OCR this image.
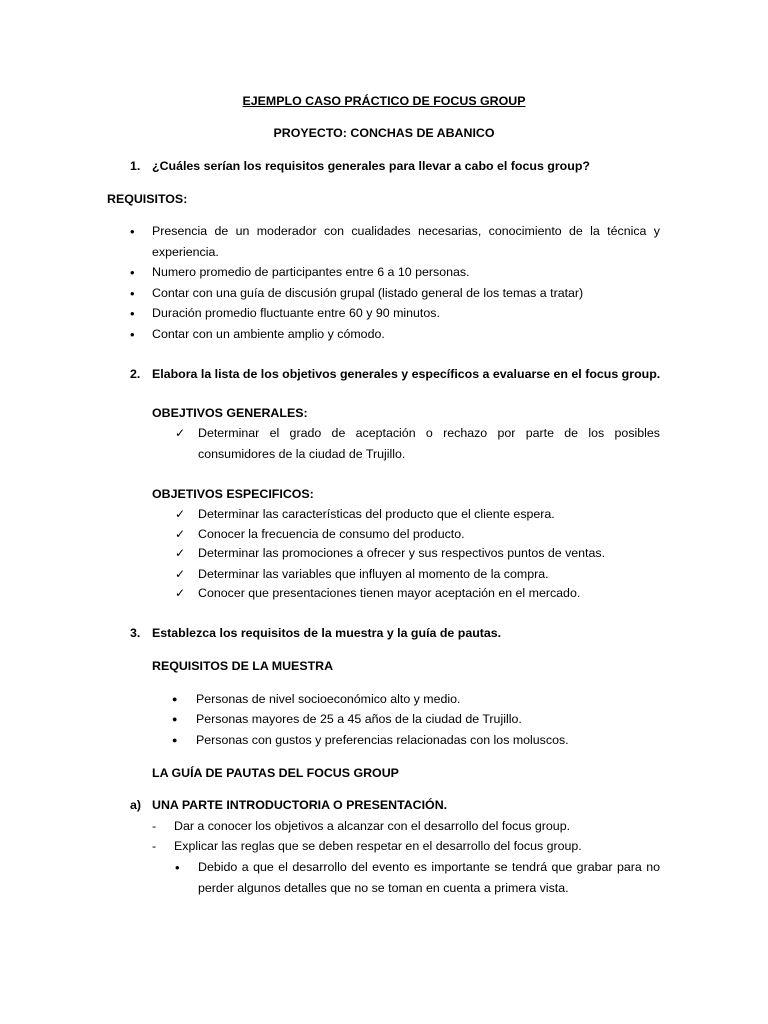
EJEMPLO CASO PRÁCTICO DE FOCUS GROUP
PROYECTO: CONCHAS DE ABANICO
1. ¿Cuáles serían los requisitos generales para llevar a cabo el focus group?
REQUISITOS:
• Presencia de un moderador con cualidades necesarias, conocimiento de la técnica y
experiencia.
• Numero promedio de participantes entre 6 a 10 personas.
• Contar con una guía de discusión grupal (listado general de los temas a tratar)
• Duración promedio fluctuante entre 60 y 90 minutos.
• Contar con un ambiente amplio y cómodo.
2. Elabora la lista de los objetivos generales y específicos a evaluarse en el focus group.
OBEJTIVOS GENERALES:
✓ Determinar el grado de aceptación o rechazo por parte de los posibles
consumidores de la ciudad de Trujillo.
OBJETIVOS ESPECIFICOS:
✓ Determinar las características del producto que el cliente espera.
✓ Conocer la frecuencia de consumo del producto.
✓ Determinar las promociones a ofrecer y sus respectivos puntos de ventas.
✓ Determinar las variables que influyen al momento de la compra.
✓ Conocer que presentaciones tienen mayor aceptación en el mercado.
3. Establezca los requisitos de la muestra y la guía de pautas.
REQUISITOS DE LA MUESTRA
● Personas de nivel socioeconómico alto y medio.
● Personas mayores de 25 a 45 años de la ciudad de Trujillo.
● Personas con gustos y preferencias relacionadas con los moluscos.
LA GUÍA DE PAUTAS DEL FOCUS GROUP
a) UNA PARTE INTRODUCTORIA O PRESENTACIÓN.
- Dar a conocer los objetivos a alcanzar con el desarrollo del focus group.
- Explicar las reglas que se deben respetar en el desarrollo del focus group.
• Debido a que el desarrollo del evento es importante se tendrá que grabar para no
perder algunos detalles que no se toman en cuenta a primera vista.
